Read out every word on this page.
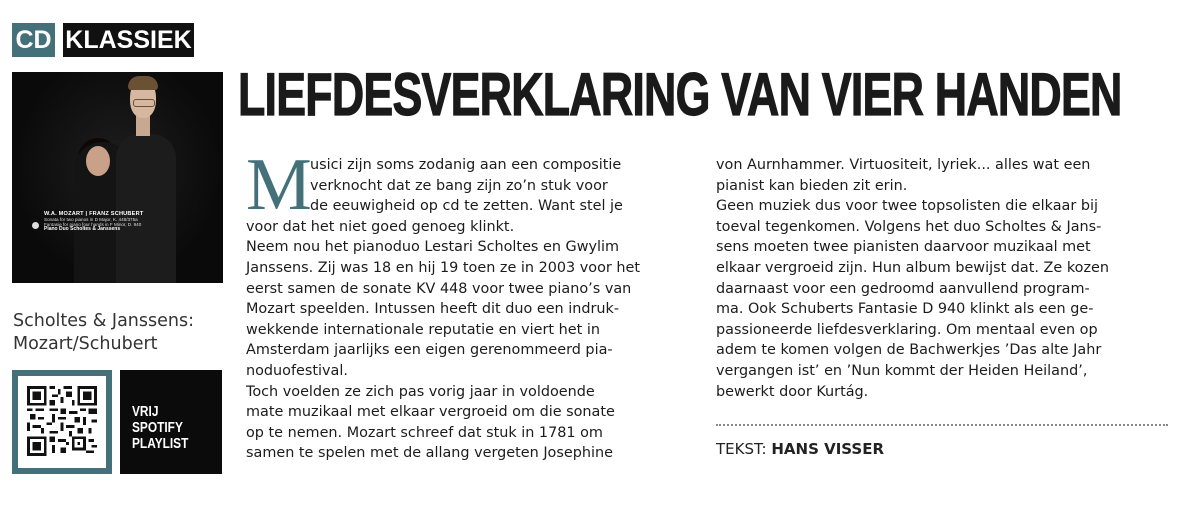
CD KLASSIEK
W.A. MOZART | FRANZ SCHUBERT
Sonata for two pianos in D Major, K. 448/375a
Fantasie for piano four hands in F Minor, D. 940
Piano Duo Scholtes & Janssens
Scholtes & Janssens:
Mozart/Schubert
VRIJ
SPOTIFY
PLAYLIST
LIEFDESVERKLARING VAN VIER HANDEN
M
usici zijn soms zodanig aan een compositie
verknocht dat ze bang zijn zo’n stuk voor
de eeuwigheid op cd te zetten. Want stel je
voor dat het niet goed genoeg klinkt.
Neem nou het pianoduo Lestari Scholtes en Gwylim
Janssens. Zij was 18 en hij 19 toen ze in 2003 voor het
eerst samen de sonate KV 448 voor twee piano’s van
Mozart speelden. Intussen heeft dit duo een indruk-
wekkende internationale reputatie en viert het in
Amsterdam jaarlijks een eigen gerenommeerd pia-
noduofestival.
Toch voelden ze zich pas vorig jaar in voldoende
mate muzikaal met elkaar vergroeid om die sonate
op te nemen. Mozart schreef dat stuk in 1781 om
samen te spelen met de allang vergeten Josephine
von Aurnhammer. Virtuositeit, lyriek... alles wat een
pianist kan bieden zit erin.
Geen muziek dus voor twee topsolisten die elkaar bij
toeval tegenkomen. Volgens het duo Scholtes & Jans-
sens moeten twee pianisten daarvoor muzikaal met
elkaar vergroeid zijn. Hun album bewijst dat. Ze kozen
daarnaast voor een gedroomd aanvullend program-
ma. Ook Schuberts Fantasie D 940 klinkt als een ge-
passioneerde liefdesverklaring. Om mentaal even op
adem te komen volgen de Bachwerkjes ’Das alte Jahr
vergangen ist’ en ’Nun kommt der Heiden Heiland’,
bewerkt door Kurtág.
TEKST: HANS VISSER
